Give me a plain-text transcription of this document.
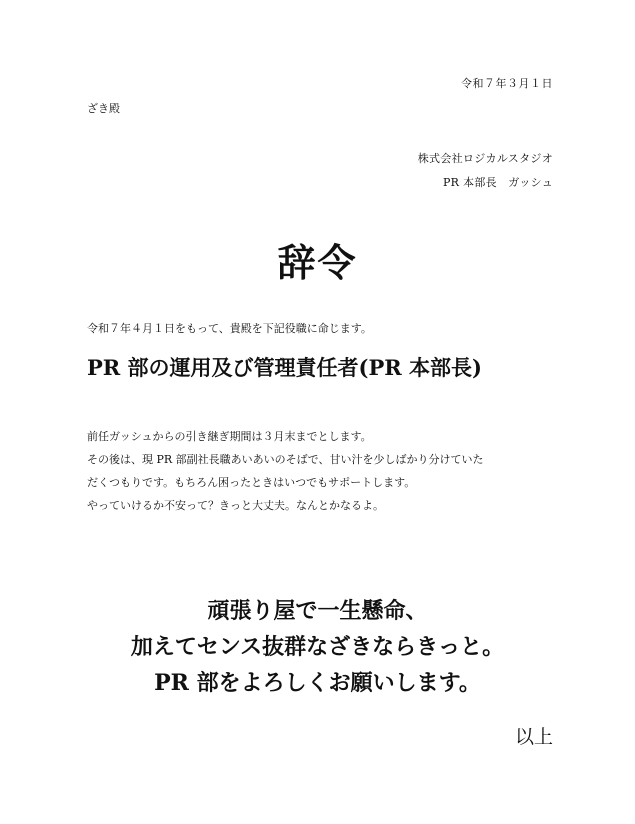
令和７年３月１日
ざき殿
株式会社ロジカルスタジオ
PR 本部長　ガッシュ
辞令
令和７年４月１日をもって、貴殿を下記役職に命じます。
PR 部の運用及び管理責任者(PR 本部長)
前任ガッシュからの引き継ぎ期間は３月末までとします。
その後は、現 PR 部副社長職あいあいのそばで、甘い汁を少しばかり分けていた
だくつもりです。もちろん困ったときはいつでもサポートします。
やっていけるか不安って？きっと大丈夫。なんとかなるよ。
頑張り屋で一生懸命、
加えてセンス抜群なざきならきっと。
PR 部をよろしくお願いします。
以上
